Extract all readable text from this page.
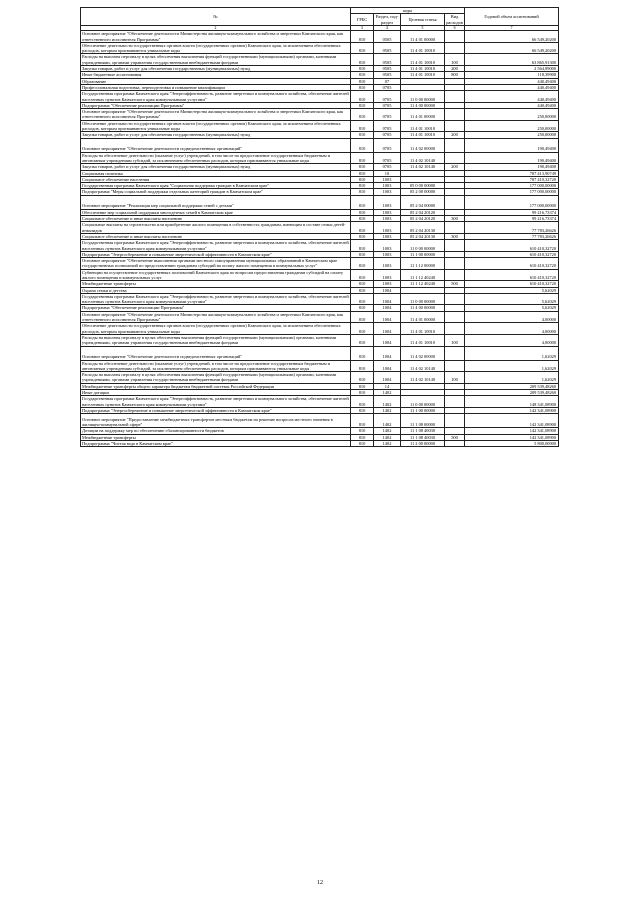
№	коды				Годовой объем ассигнований
	ГРБС	Раздел, под-раздел	Целевая статья	Вид расходов	
2	3	4	5	6	7
Основное мероприятие "Обеспечение деятельности Министерства жилищно-коммунального хозяйства и энергетики Камчатского края, как ответственного исполнителя Программы"	810	0505	11 4 01 00000		66 549,20200
Обеспечение деятельности государственных органов власти (государственных органов) Камчатского края, за исключением обеспеченных расходов, которым присваиваются уникальные коды	810	0505	11 4 01 10010		66 549,20200
Расходы на выплаты персоналу в целях обеспечения выполнения функций государственными (муниципальными) органами, казенными учреждениями, органами управления государственными внебюджетными фондами	810	0505	11 4 01 10010	100	63 865,91300
Закупка товаров, работ и услуг для обеспечения государственных (муниципальных) нужд	810	0505	11 4 01 10010	200	2 564,89000
Иные бюджетные ассигнования	810	0505	11 4 01 10010	800	118,39900
Образование	810	07			440,49400
Профессиональная подготовка, переподготовка и повышение квалификации	810	0705			440,49400
Государственная программа Камчатского края "Энергоэффективность, развитие энергетики и коммунального хозяйства, обеспечение жителей населенных пунктов Камчатского края коммунальными услугами"	810	0705	11 0 00 00000		440,49400
Подпрограмма "Обеспечение реализации Программы"	810	0705	11 4 00 00000		440,49400
Основное мероприятие "Обеспечение деятельности Министерства жилищно-коммунального хозяйства и энергетики Камчатского края, как ответственного исполнителя Программы"	810	0705	11 4 01 00000		250,00000
Обеспечение деятельности государственных органов власти (государственных органов) Камчатского края, за исключением обеспеченных расходов, которым присваиваются уникальные коды	810	0705	11 4 01 10010		250,00000
Закупка товаров, работ и услуг для обеспечения государственных (муниципальных) нужд	810	0705	11 4 01 10010	200	250,00000
Основное мероприятие "Обеспечение деятельности подведомственных организаций"	810	0705	11 4 02 00000		190,49400
Расходы на обеспечение деятельности (оказание услуг) учреждений, в том числе на предоставление государственным бюджетным и автономным учреждениям субсидий, за исключением обеспеченных расходов, которым присваиваются уникальные коды	810	0705	11 4 02 10140		190,49400
Закупка товаров, работ и услуг для обеспечения государственных (муниципальных) нужд	810	0705	11 4 02 10140	200	190,49400
Социальная политика	810	10			787 413,90749
Социальное обеспечение населения	810	1003			787 410,32720
Государственная программа Камчатского края "Социальная поддержка граждан в Камчатском крае"	810	1003	05 0 00 00000		177 000,00000
Подпрограмма "Меры социальной поддержки отдельных категорий граждан в Камчатском крае"	810	1003	05 2 00 00000		177 000,00000
Основное мероприятие "Реализация мер социальной поддержки семей с детьми"	810	1003	05 2 04 00000		177 000,00000
Обеспечение мер социальной поддержки многодетных семей в Камчатском крае	810	1003	05 2 04 20120		99 216,73374
Социальное обеспечение и иные выплаты населению	810	1003	05 2 04 20120	300	99 216,73374
Социальные выплаты на строительство или приобретение жилого помещения в собственность гражданам, имеющим в составе семьи детей-инвалидов	810	1003	05 2 04 20130		77 783,26626
Социальное обеспечение и иные выплаты населению	810	1003	05 2 04 20130	300	77 783,26626
Государственная программа Камчатского края "Энергоэффективность, развитие энергетики и коммунального хозяйства, обеспечение жителей населенных пунктов Камчатского края коммунальными услугами"	810	1003	11 0 00 00000		610 410,32720
Подпрограмма "Энергосбережение и повышение энергетической эффективности в Камчатском крае"	810	1003	11 1 00 00000		610 410,32720
Основное мероприятие "Обеспечение выполнения органами местного самоуправления муниципальных образований в Камчатском крае государственных полномочий по предоставлению гражданам субсидий на оплату жилого помещения и коммунальных услуг"	810	1003	11 1 12 00000		610 410,32720
Субвенции на осуществление государственных полномочий Камчатского края по вопросам предоставления гражданам субсидий на оплату жилого помещения и коммунальных услуг	810	1003	11 1 12 40240		610 410,32720
Межбюджетные трансферты	810	1003	11 1 12 40240	500	610 410,32720
Охрана семьи и детства	810	1004			5,62029
Государственная программа Камчатского края "Энергоэффективность, развитие энергетики и коммунального хозяйства, обеспечение жителей населенных пунктов Камчатского края коммунальными услугами"	810	1004	11 0 00 00000		5,62029
Подпрограмма "Обеспечение реализации Программы"	810	1004	11 4 00 00000		5,62029
Основное мероприятие "Обеспечение деятельности Министерства жилищно-коммунального хозяйства и энергетики Камчатского края, как ответственного исполнителя Программы"	810	1004	11 4 01 00000		4,00000
Обеспечение деятельности государственных органов власти (государственных органов) Камчатского края, за исключением обеспеченных расходов, которым присваиваются уникальные коды	810	1004	11 4 01 10010		4,00000
Расходы на выплаты персоналу в целях обеспечения выполнения функций государственными (муниципальными) органами, казенными учреждениями, органами управления государственными внебюджетными фондами	810	1004	11 4 01 10010	100	4,00000
Основное мероприятие "Обеспечение деятельности подведомственных организаций"	810	1004	11 4 02 00000		1,62029
Расходы на обеспечение деятельности (оказание услуг) учреждений, в том числе на предоставление государственным бюджетным и автономным учреждениям субсидий, за исключением обеспеченных расходов, которым присваиваются уникальные коды	810	1004	11 4 02 10140		1,62029
Расходы на выплаты персоналу в целях обеспечения выполнения функций государственными (муниципальными) органами, казенными учреждениями, органами управления государственными внебюджетными фондами	810	1004	11 4 02 10140	100	1,62029
Межбюджетные трансферты общего характера бюджетам бюджетной системы Российской Федерации	810	14			209 539,48260
Иные дотации	810	1402			209 539,48260
Государственная программа Камчатского края "Энергоэффективность, развитие энергетики и коммунального хозяйства, обеспечение жителей населенных пунктов Камчатского края коммунальными услугами"	810	1402	11 0 00 00000		148 341,08900
Подпрограмма "Энергосбережение и повышение энергетической эффективности в Камчатском крае"	810	1402	11 1 00 00000		142 341,08900
Основное мероприятие "Предоставление межбюджетных трансфертов местным бюджетам на решение вопросов местного значения в жилищно-коммунальной сфере"	810	1402	11 1 08 00000		142 341,08900
Дотации на поддержку мер по обеспечению сбалансированности бюджетов	810	1402	11 1 08 40030		142 341,08900
Межбюджетные трансферты	810	1402	11 1 08 40030	500	142 341,08900
Подпрограмма "Чистая вода в Камчатском крае"	810	1402	11 2 00 00000		5 800,00000
12
